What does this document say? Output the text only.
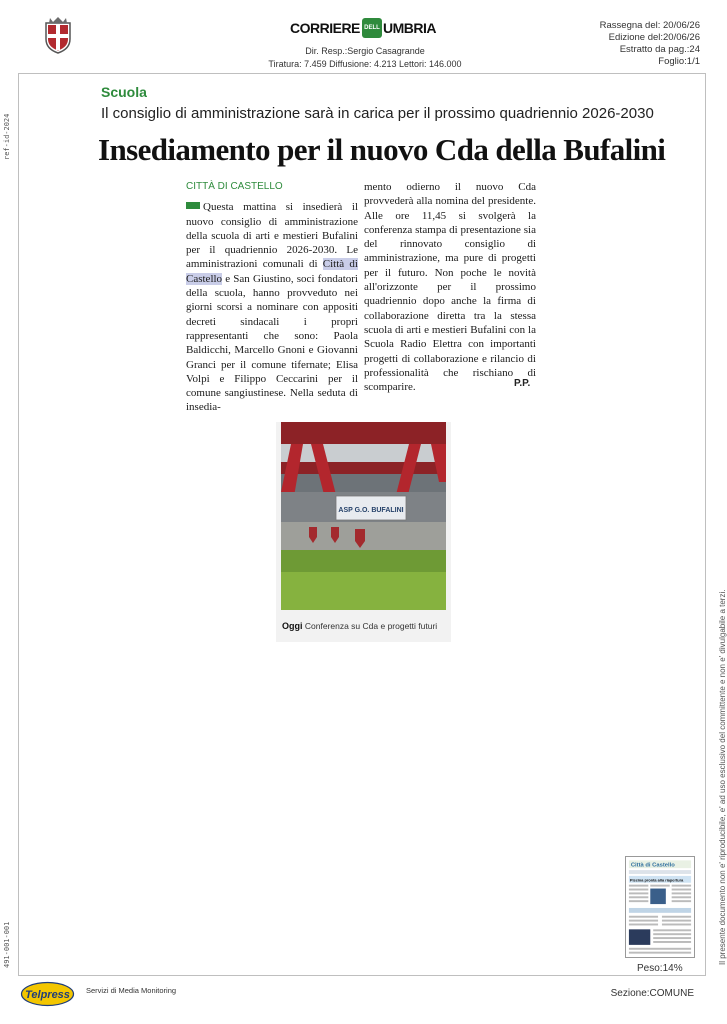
CORRIERE DELL UMBRIA
Dir. Resp.:Sergio Casagrande
Tiratura: 7.459 Diffusione: 4.213 Lettori: 146.000
Rassegna del: 20/06/26
Edizione del:20/06/26
Estratto da pag.:24
Foglio:1/1
ref-id-2024
491-001-001	Il presente documento non e' riproducibile, e' ad uso esclusivo del committente e non e' divulgabile a terzi.
Scuola
Il consiglio di amministrazione sarà in carica per il prossimo quadriennio 2026-2030
Insediamento per il nuovo Cda della Bufalini
CITTÀ DI CASTELLO
Questa mattina si insedierà il nuovo consiglio di amministrazione della scuola di arti e mestieri Bufalini per il quadriennio 2026-2030. Le amministrazioni comunali di Città di Castello e San Giustino, soci fondatori della scuola, hanno provveduto nei giorni scorsi a nominare con appositi decreti sindacali i propri rappresentanti che sono: Paola Baldicchi, Marcello Gnoni e Giovanni Granci per il comune tifernate; Elisa Volpi e Filippo Ceccarini per il comune sangiustinese. Nella seduta di insedia-
mento odierno il nuovo Cda provvederà alla nomina del presidente. Alle ore 11,45 si svolgerà la conferenza stampa di presentazione sia del rinnovato consiglio di amministrazione, ma pure di progetti per il futuro. Non poche le novità all'orizzonte per il prossimo quadriennio dopo anche la firma di collaborazione diretta tra la stessa scuola di arti e mestieri Bufalini con la Scuola Radio Elettra con importanti progetti di collaborazione e rilancio di professionalità che rischiano di scomparire.	P.P.
ASP G.O. BUFALINI
Oggi Conferenza su Cda e progetti futuri
Città di Castello
Piscina pronta alla riapertura
Peso:14%
Telpress Servizi di Media Monitoring	Sezione:COMUNE
